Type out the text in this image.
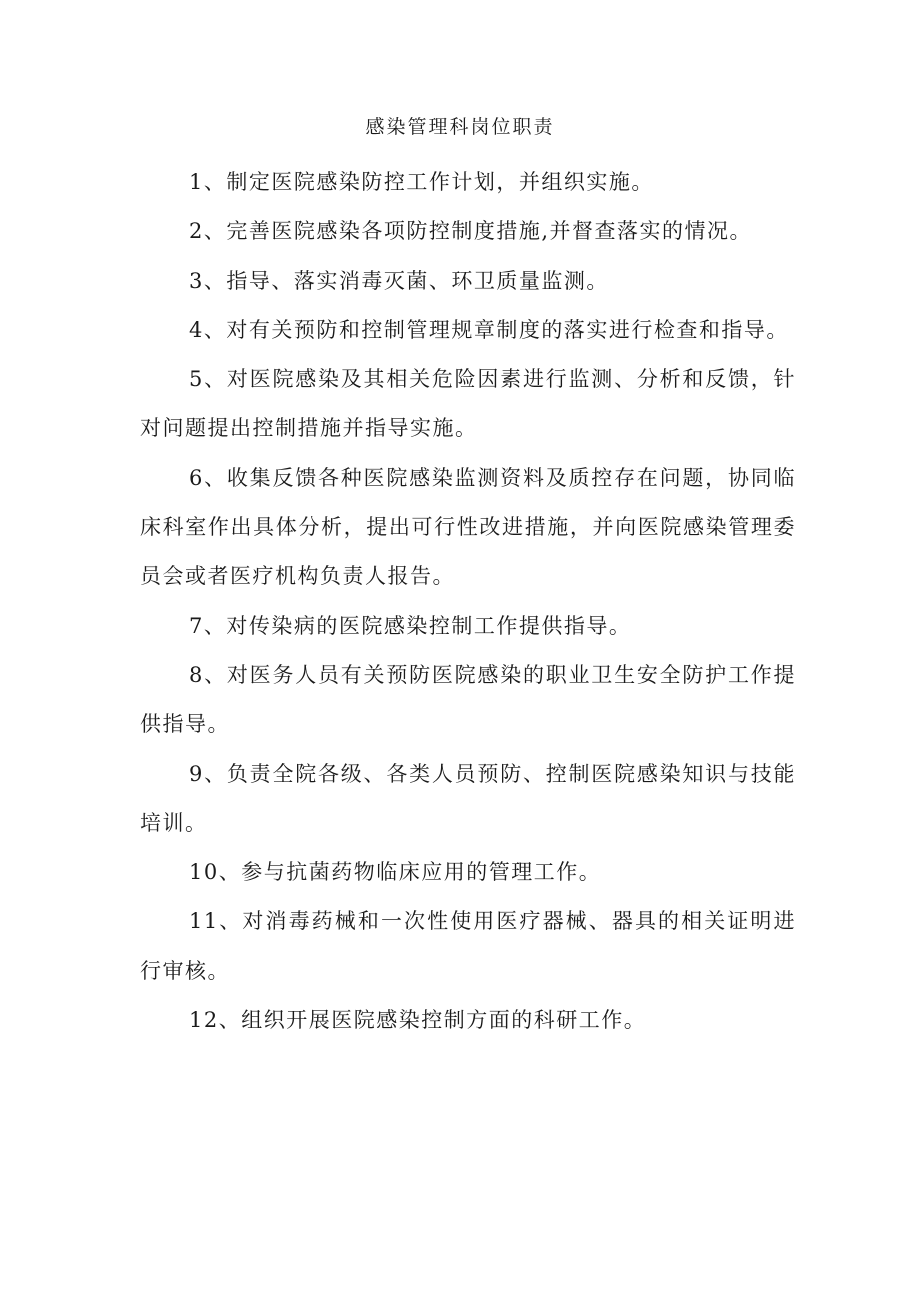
感染管理科岗位职责

1、制定医院感染防控工作计划，并组织实施。

2、完善医院感染各项防控制度措施,并督查落实的情况。

3、指导、落实消毒灭菌、环卫质量监测。

4、对有关预防和控制管理规章制度的落实进行检查和指导。

5、对医院感染及其相关危险因素进行监测、分析和反馈，针对问题提出控制措施并指导实施。

6、收集反馈各种医院感染监测资料及质控存在问题，协同临床科室作出具体分析，提出可行性改进措施，并向医院感染管理委员会或者医疗机构负责人报告。

7、对传染病的医院感染控制工作提供指导。

8、对医务人员有关预防医院感染的职业卫生安全防护工作提供指导。

9、负责全院各级、各类人员预防、控制医院感染知识与技能培训。

10、参与抗菌药物临床应用的管理工作。

11、对消毒药械和一次性使用医疗器械、器具的相关证明进行审核。

12、组织开展医院感染控制方面的科研工作。
